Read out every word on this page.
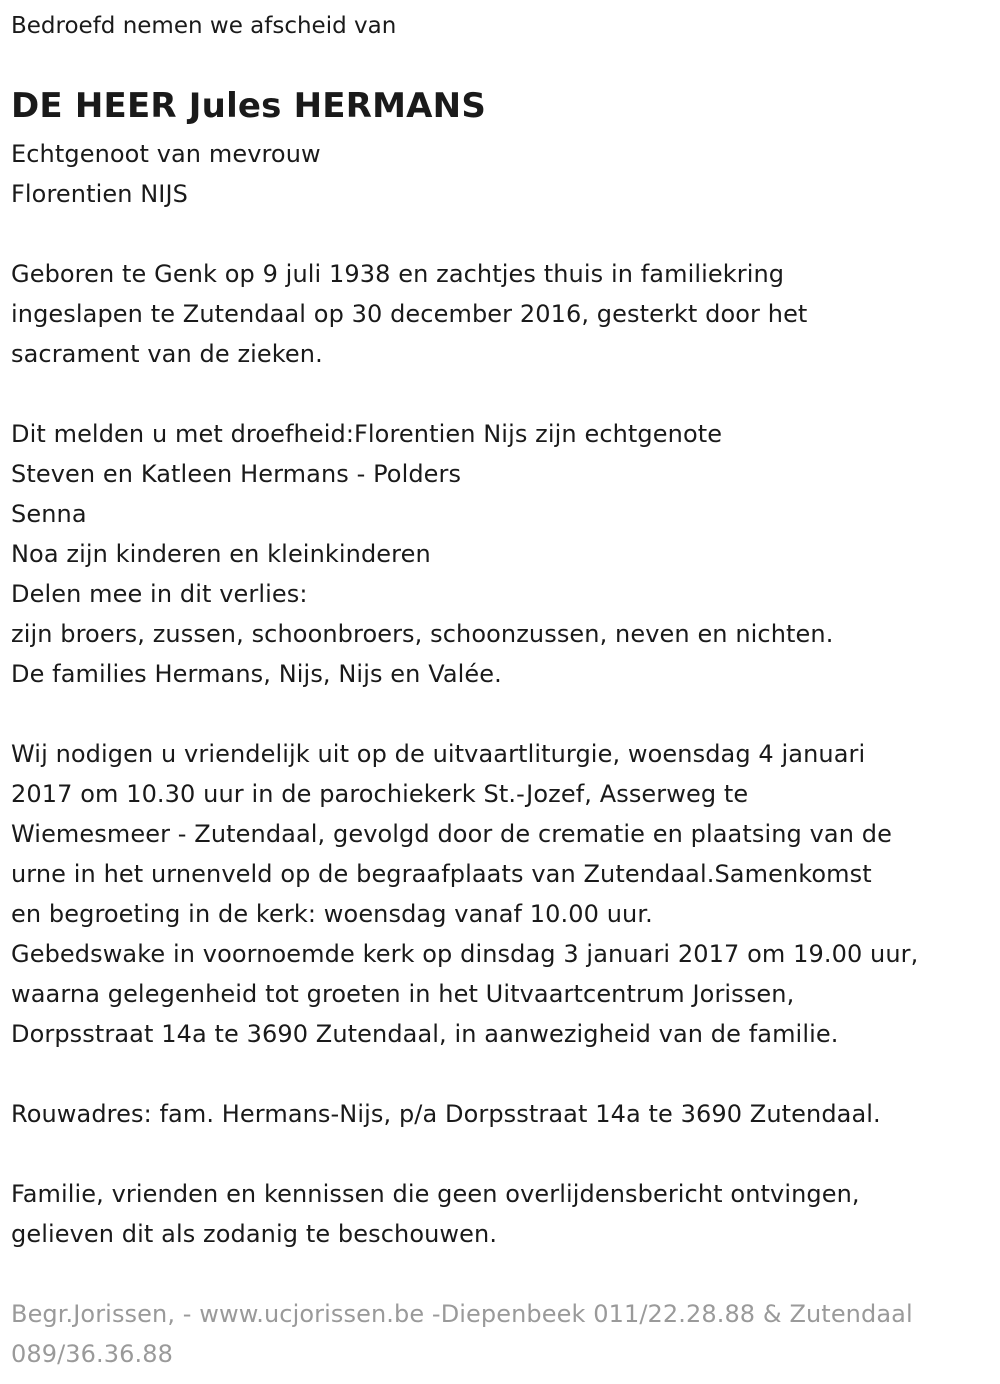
Bedroefd nemen we afscheid van
DE HEER Jules HERMANS
Echtgenoot van mevrouw
Florentien NIJS
Geboren te Genk op 9 juli 1938 en zachtjes thuis in familiekring
ingeslapen te Zutendaal op 30 december 2016, gesterkt door het
sacrament van de zieken.
Dit melden u met droefheid:Florentien Nijs zijn echtgenote
Steven en Katleen Hermans - Polders
Senna
Noa zijn kinderen en kleinkinderen
Delen mee in dit verlies:
zijn broers, zussen, schoonbroers, schoonzussen, neven en nichten.
De families Hermans, Nijs, Nijs en Valée.
Wij nodigen u vriendelijk uit op de uitvaartliturgie, woensdag 4 januari
2017 om 10.30 uur in de parochiekerk St.-Jozef, Asserweg te
Wiemesmeer - Zutendaal, gevolgd door de crematie en plaatsing van de
urne in het urnenveld op de begraafplaats van Zutendaal.Samenkomst
en begroeting in de kerk: woensdag vanaf 10.00 uur.
Gebedswake in voornoemde kerk op dinsdag 3 januari 2017 om 19.00 uur,
waarna gelegenheid tot groeten in het Uitvaartcentrum Jorissen,
Dorpsstraat 14a te 3690 Zutendaal, in aanwezigheid van de familie.
Rouwadres: fam. Hermans-Nijs, p/a Dorpsstraat 14a te 3690 Zutendaal.
Familie, vrienden en kennissen die geen overlijdensbericht ontvingen,
gelieven dit als zodanig te beschouwen.
Begr.Jorissen, - www.ucjorissen.be -Diepenbeek 011/22.28.88 & Zutendaal
089/36.36.88
